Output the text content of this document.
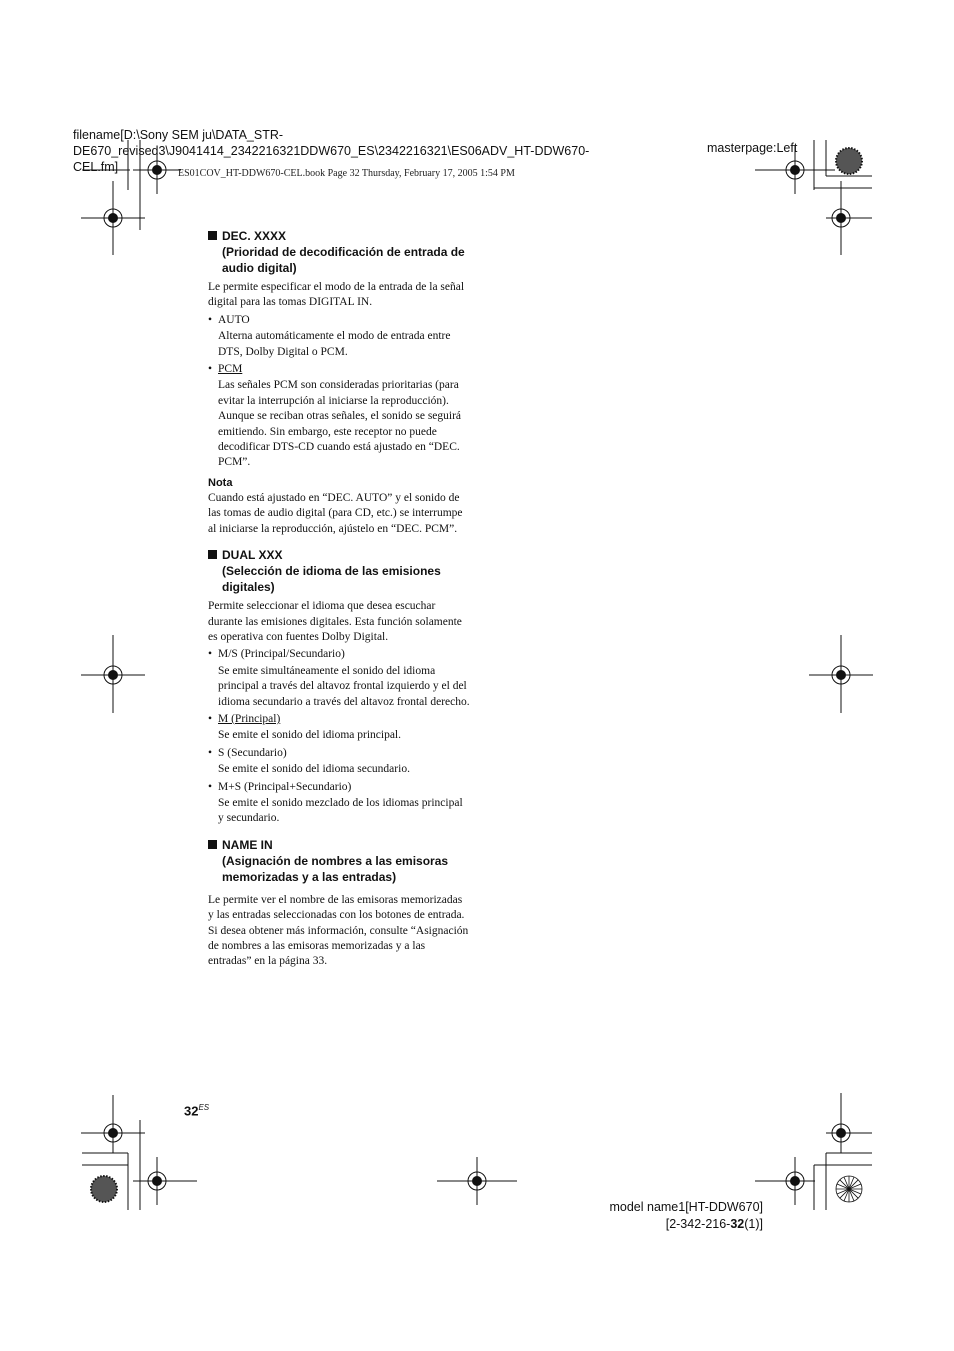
filename[D:\Sony SEM ju\DATA_STR-
DE670_revised3\J9041414_2342216321DDW670_ES\2342216321\ES06ADV_HT-DDW670-
CEL.fm]
masterpage:Left
ES01COV_HT-DDW670-CEL.book Page 32 Thursday, February 17, 2005 1:54 PM
DEC. XXXX
(Prioridad de decodificación de entrada de audio digital)
Le permite especificar el modo de la entrada de la señal digital para las tomas DIGITAL IN.
• AUTO
Alterna automáticamente el modo de entrada entre DTS, Dolby Digital o PCM.
• PCM
Las señales PCM son consideradas prioritarias (para evitar la interrupción al iniciarse la reproducción). Aunque se reciban otras señales, el sonido se seguirá emitiendo. Sin embargo, este receptor no puede decodificar DTS-CD cuando está ajustado en “DEC. PCM”.
Nota
Cuando está ajustado en “DEC. AUTO” y el sonido de las tomas de audio digital (para CD, etc.) se interrumpe al iniciarse la reproducción, ajústelo en “DEC. PCM”.
DUAL XXX
(Selección de idioma de las emisiones digitales)
Permite seleccionar el idioma que desea escuchar durante las emisiones digitales. Esta función solamente es operativa con fuentes Dolby Digital.
• M/S (Principal/Secundario)
Se emite simultáneamente el sonido del idioma principal a través del altavoz frontal izquierdo y el del idioma secundario a través del altavoz frontal derecho.
• M (Principal)
Se emite el sonido del idioma principal.
• S (Secundario)
Se emite el sonido del idioma secundario.
• M+S (Principal+Secundario)
Se emite el sonido mezclado de los idiomas principal y secundario.
NAME IN
(Asignación de nombres a las emisoras memorizadas y a las entradas)
Le permite ver el nombre de las emisoras memorizadas y las entradas seleccionadas con los botones de entrada. Si desea obtener más información, consulte “Asignación de nombres a las emisoras memorizadas y a las entradas” en la página 33.
$32^{ES}$
model name1[HT-DDW670]
[2-342-216-32(1)]
